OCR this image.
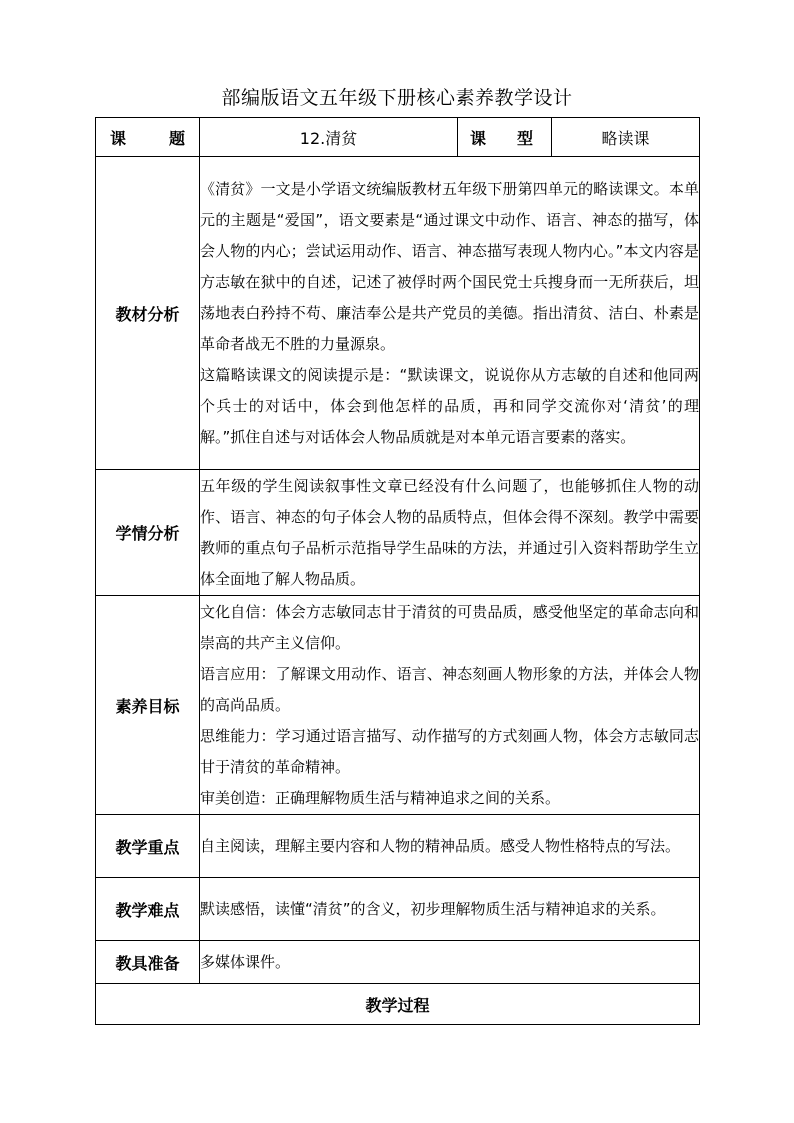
部编版语文五年级下册核心素养教学设计
课 题	12.清贫	课 型	略读课
教材分析	《清贫》一文是小学语文统编版教材五年级下册第四单元的略读课文。本单元的主题是“爱国”，语文要素是“通过课文中动作、语言、神态的描写，体会人物的内心；尝试运用动作、语言、神态描写表现人物内心。”本文内容是方志敏在狱中的自述，记述了被俘时两个国民党士兵搜身而一无所获后，坦荡地表白矜持不苟、廉洁奉公是共产党员的美德。指出清贫、洁白、朴素是革命者战无不胜的力量源泉。

这篇略读课文的阅读提示是：“默读课文，说说你从方志敏的自述和他同两个兵士的对话中，体会到他怎样的品质，再和同学交流你对‘清贫’的理解。”抓住自述与对话体会人物品质就是对本单元语言要素的落实。		

学情分析	五年级的学生阅读叙事性文章已经没有什么问题了，也能够抓住人物的动作、语言、神态的句子体会人物的品质特点，但体会得不深刻。教学中需要教师的重点句子品析示范指导学生品味的方法，并通过引入资料帮助学生立体全面地了解人物品质。		

素养目标	文化自信：体会方志敏同志甘于清贫的可贵品质，感受他坚定的革命志向和崇高的共产主义信仰。

语言应用：了解课文用动作、语言、神态刻画人物形象的方法，并体会人物的高尚品质。

思维能力：学习通过语言描写、动作描写的方式刻画人物，体会方志敏同志甘于清贫的革命精神。

审美创造：正确理解物质生活与精神追求之间的关系。		

教学重点	自主阅读，理解主要内容和人物的精神品质。感受人物性格特点的写法。		

教学难点	默读感悟，读懂“清贫”的含义，初步理解物质生活与精神追求的关系。		

教具准备	多媒体课件。		

教学过程			
